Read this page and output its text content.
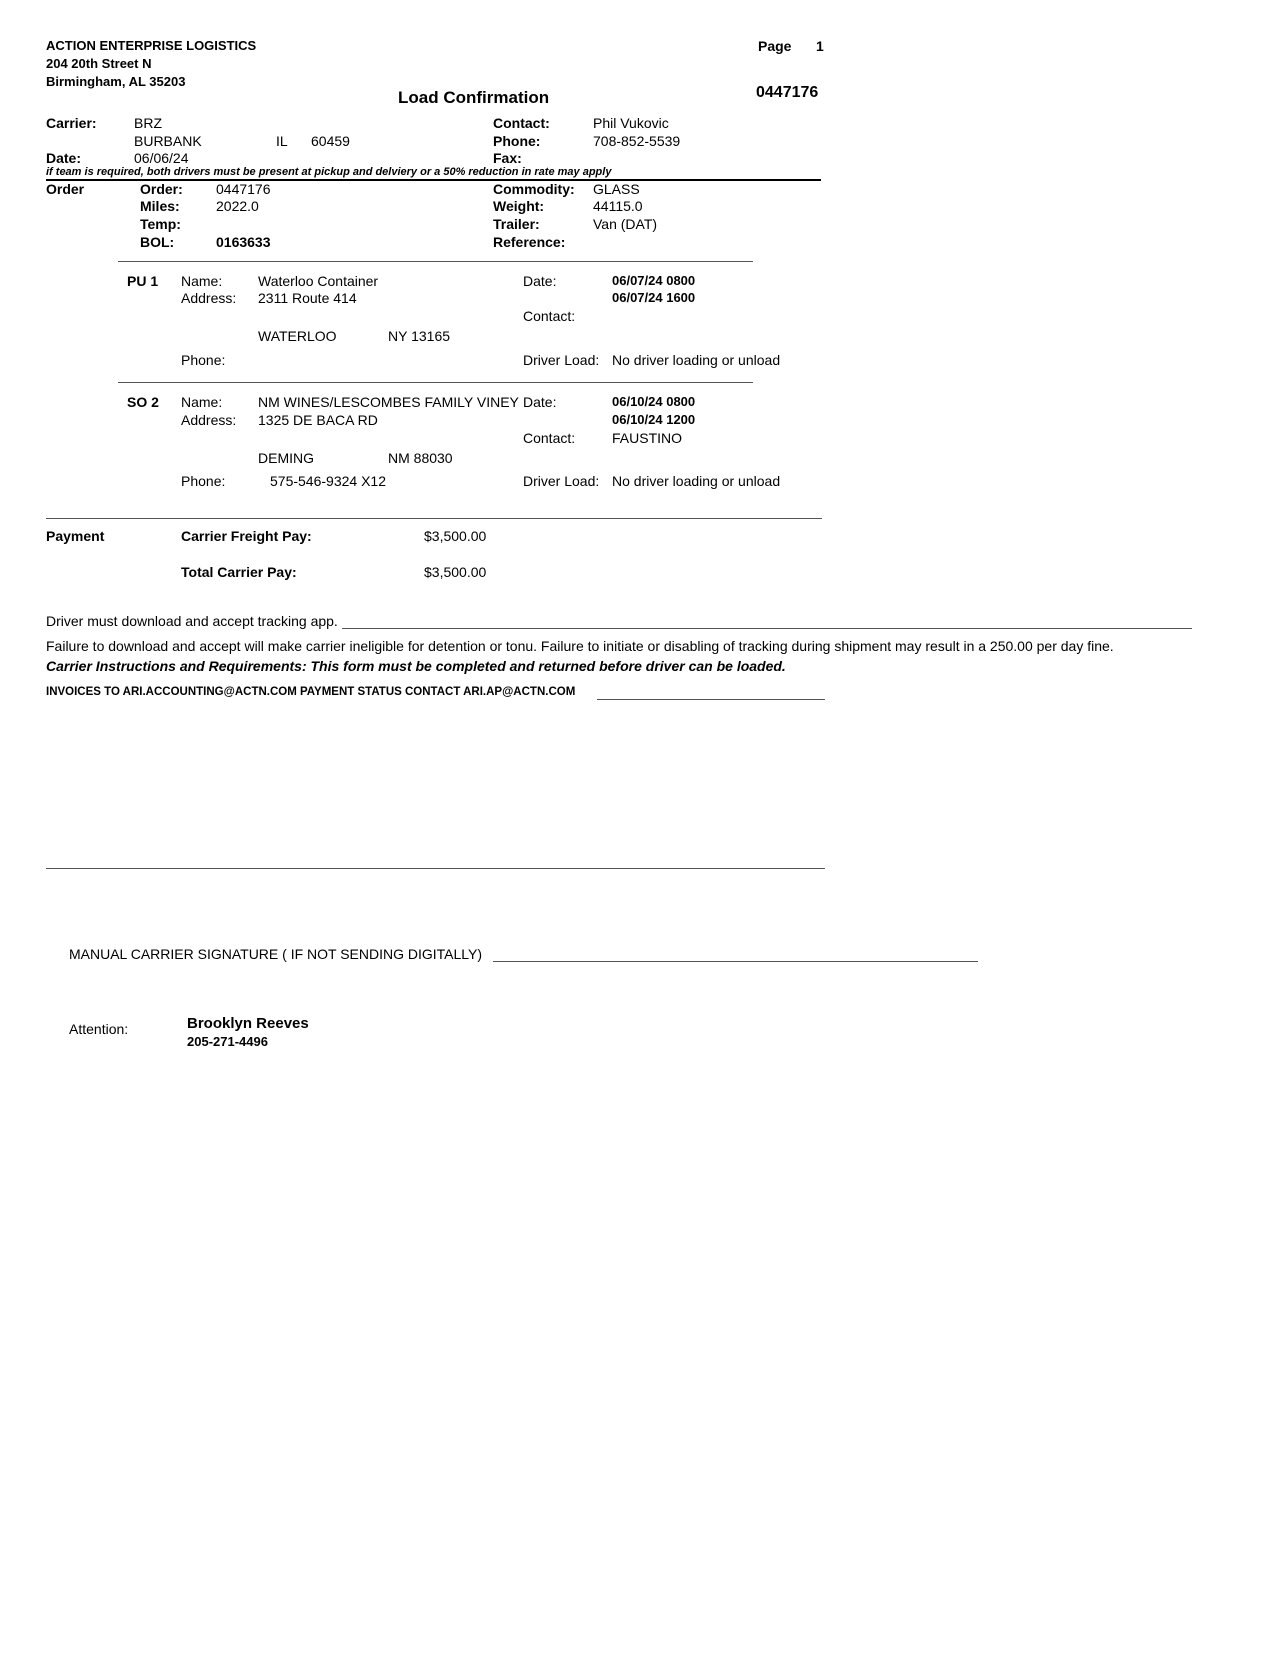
ACTION ENTERPRISE LOGISTICS
204 20th Street N
Birmingham, AL 35203
Page 1
Load Confirmation	0447176
Carrier:	BRZ
BURBANK	IL 60459
Date:	06/06/24
Contact:	Phil Vukovic
Phone:	708-852-5539
Fax:
if team is required, both drivers must be present at pickup and delviery or a 50% reduction in rate may apply
Order	Order: 0447176
Miles:	2022.0
Temp:
BOL:	0163633
Commodity: GLASS
Weight:	44115.0
Trailer:	Van (DAT)
Reference:
PU 1 Name:	Waterloo Container
Address: 2311 Route 414
WATERLOO	NY 13165
Phone:
Date:	06/07/24 0800
06/07/24 1600
Contact:
Driver Load: No driver loading or unload
SO 2 Name:	NM WINES/LESCOMBES FAMILY VINEY
Address: 1325 DE BACA RD
DEMING	NM 88030
Phone:	575-546-9324 X12
Date:	06/10/24 0800
06/10/24 1200
Contact:	FAUSTINO
Driver Load: No driver loading or unload
Payment	Carrier Freight Pay:	$3,500.00
Total Carrier Pay:	$3,500.00
Driver must download and accept tracking app.
Failure to download and accept will make carrier ineligible for detention or tonu. Failure to initiate or disabling of tracking during shipment may result in a 250.00 per day fine.
Carrier Instructions and Requirements: This form must be completed and returned before driver can be loaded.
INVOICES TO ARI.ACCOUNTING@ACTN.COM PAYMENT STATUS CONTACT ARI.AP@ACTN.COM
MANUAL CARRIER SIGNATURE ( IF NOT SENDING DIGITALLY)
Attention:	Brooklyn Reeves
205-271-4496
